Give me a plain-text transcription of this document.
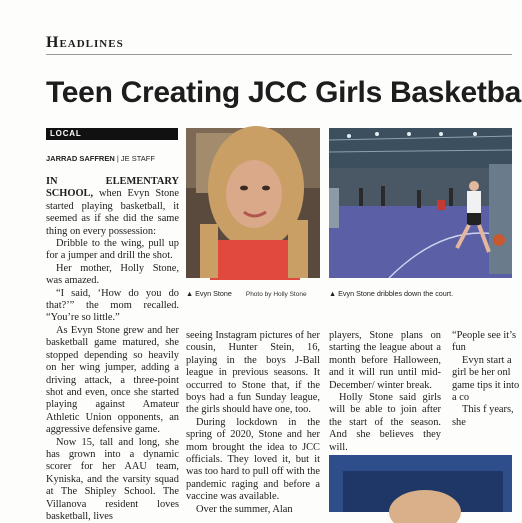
Headlines
Teen Creating JCC Girls Basketba
LOCAL
JARRAD SAFFREN | JE STAFF

IN ELEMENTARY SCHOOL, when Evyn Stone started playing basketball, it seemed as if she did the same thing on every possession:

Dribble to the wing, pull up for a jumper and drill the shot.

Her mother, Holly Stone, was amazed.

“I said, ‘How do you do that?’” the mom recalled. “You’re so little.”

As Evyn Stone grew and her basketball game matured, she stopped depending so heavily on her wing jumper, adding a driving attack, a three-point shot and even, once she started playing against Amateur Athletic Union opponents, an aggressive defensive game.

Now 15, tall and long, she has grown into a dynamic scorer for her AAU team, Kyniska, and the varsity squad at The Shipley School. The Villanova resident loves basketball, lives

▲ Evyn Stone Photo by Holly Stone	▲ Evyn Stone dribbles down the court.

seeing Instagram pictures of her cousin, Hunter Stein, 16, playing in the boys J-Ball league in previous seasons. It occurred to Stone that, if the boys had a fun Sunday league, the girls should have one, too.

During lockdown in the spring of 2020, Stone and her mom brought the idea to JCC officials. They loved it, but it was too hard to pull off with the pandemic raging and before a vaccine was available.

Over the summer, Alan

players, Stone plans on starting the league about a month before Halloween, and it will run until mid-December/ winter break.

Holly Stone said girls will be able to join after the start of the season. And she believes they will.

“People see it’s fun

Evyn start a girl be her onl game tips it into a co

This f years, she
